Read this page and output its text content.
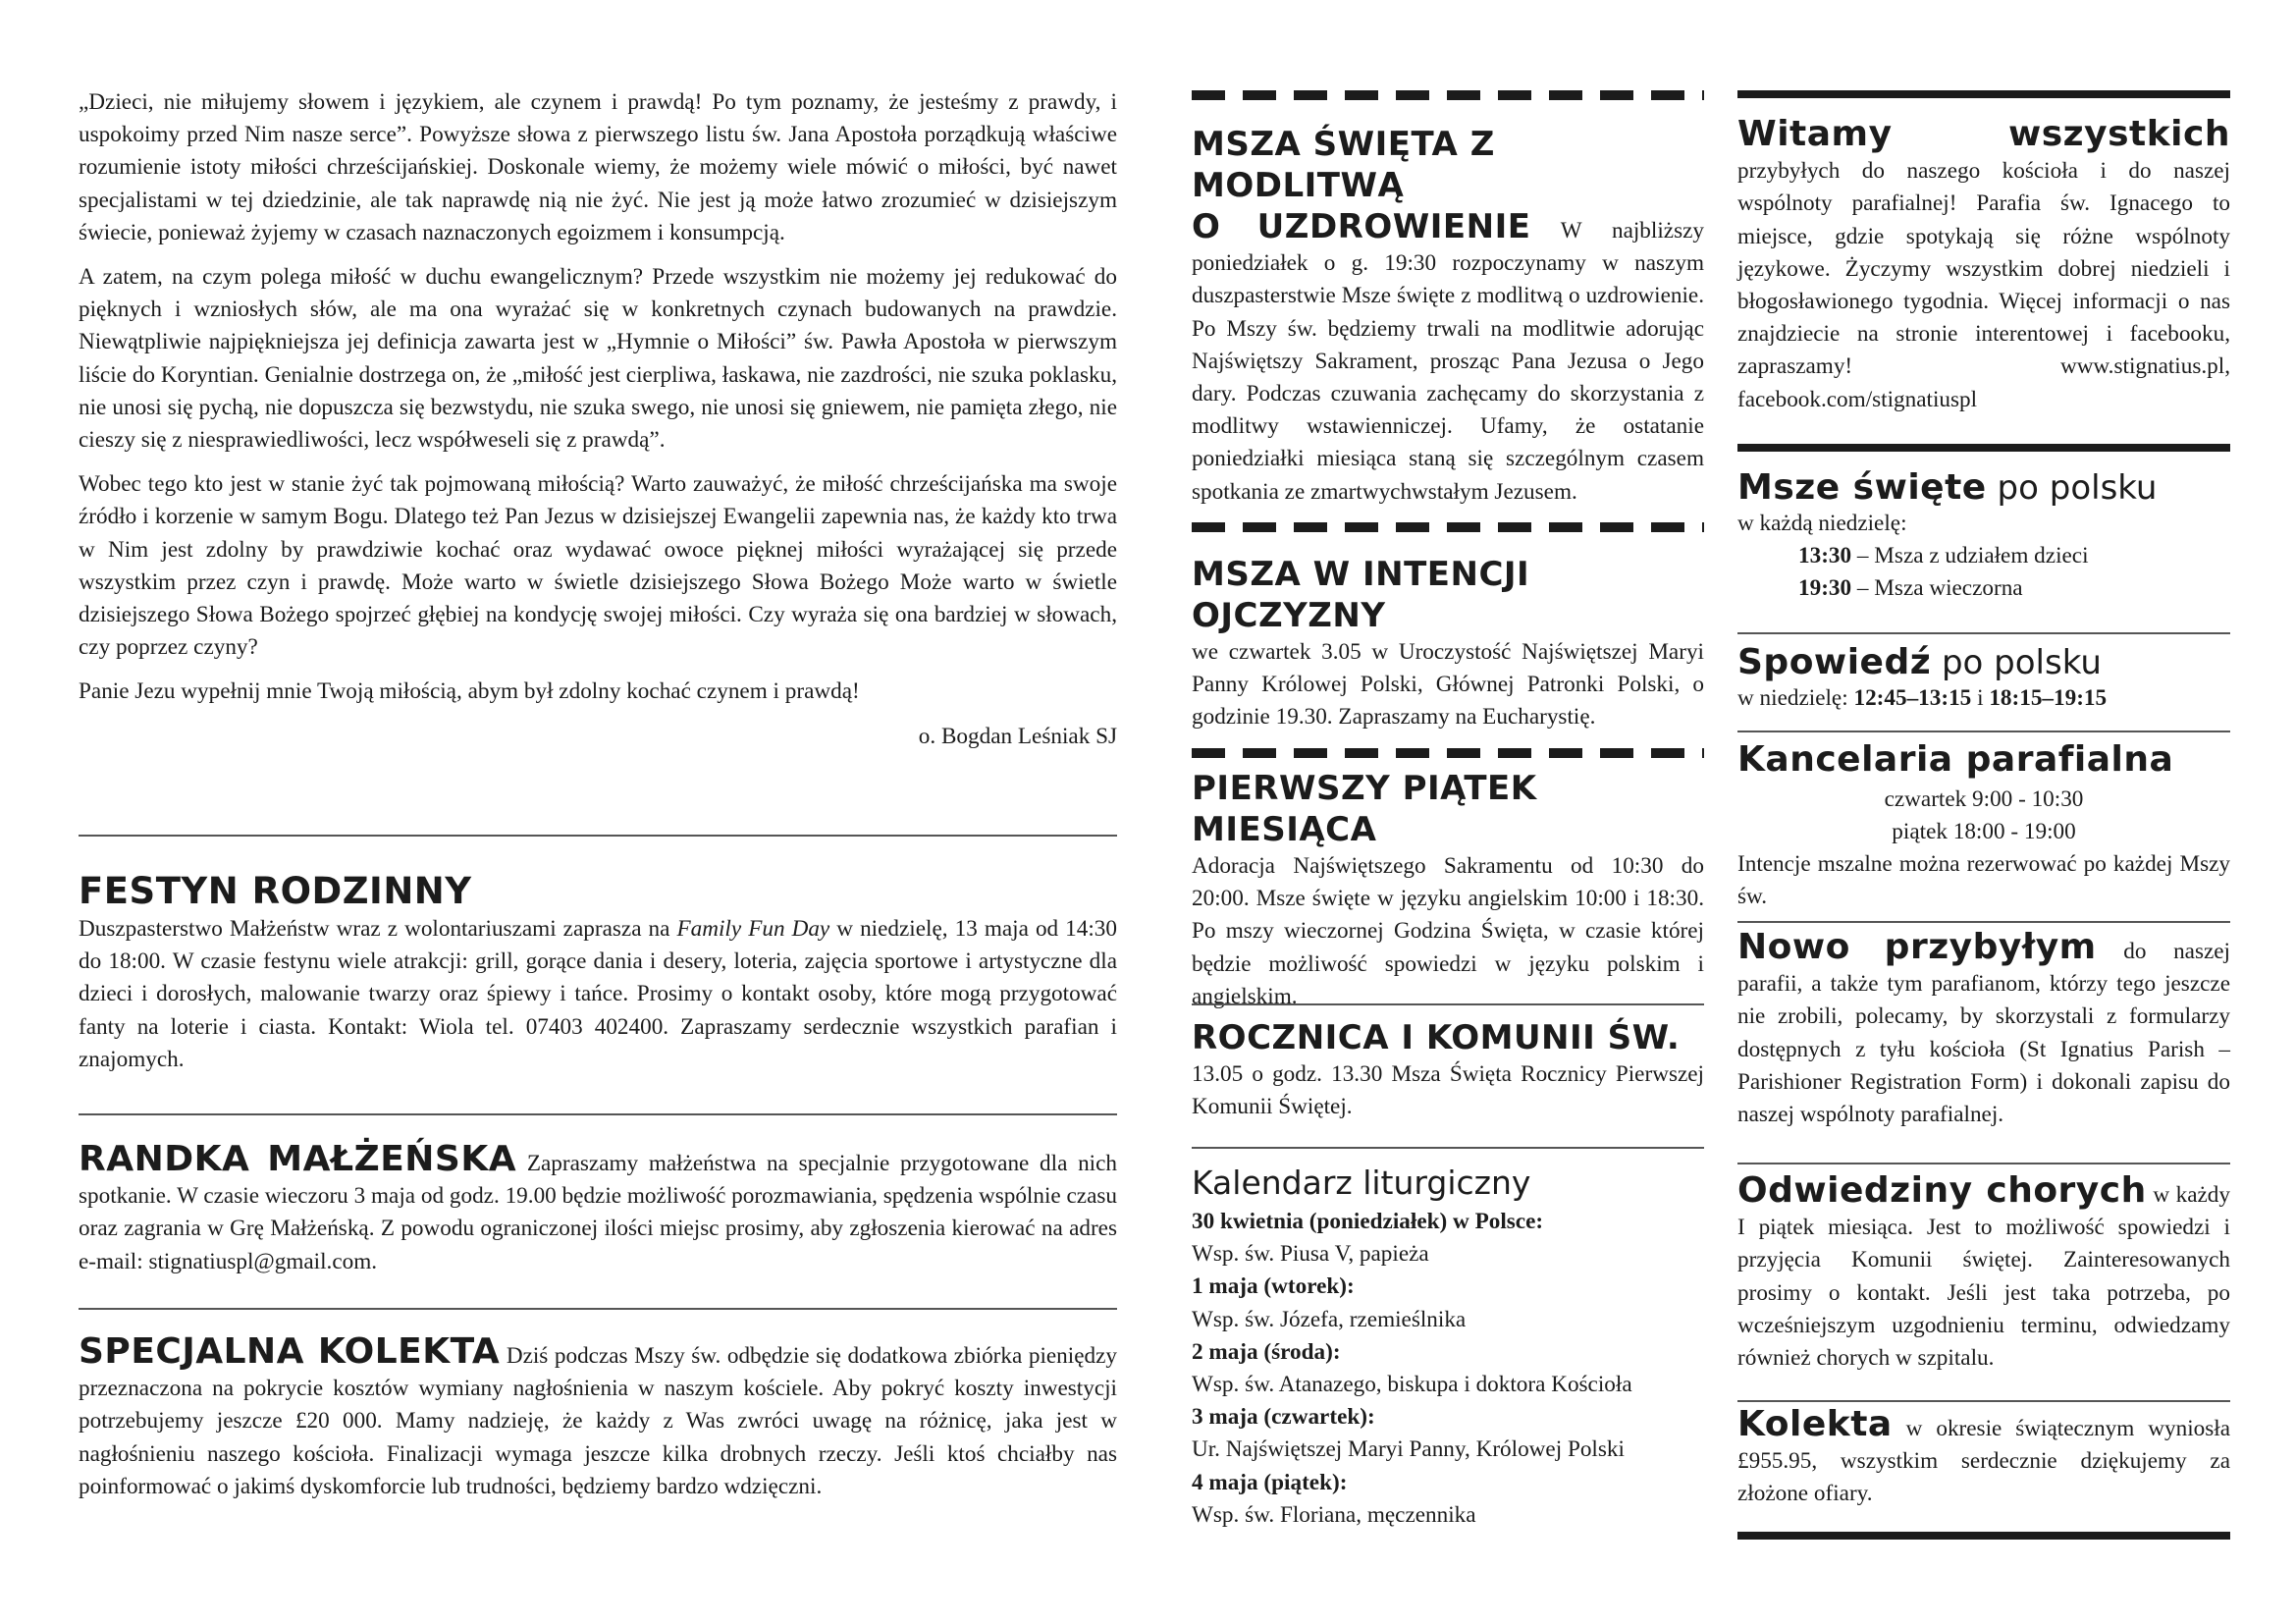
„Dzieci, nie miłujemy słowem i językiem, ale czynem i prawdą! Po tym poznamy, że jesteśmy z prawdy, i uspokoimy przed Nim nasze serce”. Powyższe słowa z pierwszego listu św. Jana Apostoła porządkują właściwe rozumienie istoty miłości chrześcijańskiej. Doskonale wiemy, że możemy wiele mówić o miłości, być nawet specjalistami w tej dziedzinie, ale tak naprawdę nią nie żyć. Nie jest ją może łatwo zrozumieć w dzisiejszym świecie, ponieważ żyjemy w czasach naznaczonych egoizmem i konsumpcją.

A zatem, na czym polega miłość w duchu ewangelicznym? Przede wszystkim nie możemy jej redukować do pięknych i wzniosłych słów, ale ma ona wyrażać się w konkretnych czynach budowanych na prawdzie. Niewątpliwie najpiękniejsza jej definicja zawarta jest w „Hymnie o Miłości” św. Pawła Apostoła w pierwszym liście do Koryntian. Genialnie dostrzega on, że „miłość jest cierpliwa, łaskawa, nie zazdrości, nie szuka poklasku, nie unosi się pychą, nie dopuszcza się bezwstydu, nie szuka swego, nie unosi się gniewem, nie pamięta złego, nie cieszy się z niesprawiedliwości, lecz współweseli się z prawdą”.

Wobec tego kto jest w stanie żyć tak pojmowaną miłością? Warto zauważyć, że miłość chrześcijańska ma swoje źródło i korzenie w samym Bogu. Dlatego też Pan Jezus w dzisiejszej Ewangelii zapewnia nas, że każdy kto trwa w Nim jest zdolny by prawdziwie kochać oraz wydawać owoce pięknej miłości wyrażającej się przede wszystkim przez czyn i prawdę. Może warto w świetle dzisiejszego Słowa Bożego Może warto w świetle dzisiejszego Słowa Bożego spojrzeć głębiej na kondycję swojej miłości. Czy wyraża się ona bardziej w słowach, czy poprzez czyny?

Panie Jezu wypełnij mnie Twoją miłością, abym był zdolny kochać czynem i prawdą!

o. Bogdan Leśniak SJ

FESTYN RODZINNY

Duszpasterstwo Małżeństw wraz z wolontariuszami zaprasza na Family Fun Day w niedzielę, 13 maja od 14:30 do 18:00. W czasie festynu wiele atrakcji: grill, gorące dania i desery, loteria, zajęcia sportowe i artystyczne dla dzieci i dorosłych, malowanie twarzy oraz śpiewy i tańce. Prosimy o kontakt osoby, które mogą przygotować fanty na loterie i ciasta. Kontakt: Wiola tel. 07403 402400. Zapraszamy serdecznie wszystkich parafian i znajomych.

RANDKA MAŁŻEŃSKA Zapraszamy małżeństwa na specjalnie przygotowane dla nich spotkanie. W czasie wieczoru 3 maja od godz. 19.00 będzie możliwość porozmawiania, spędzenia wspólnie czasu oraz zagrania w Grę Małżeńską. Z powodu ograniczonej ilości miejsc prosimy, aby zgłoszenia kierować na adres e-mail: stignatiuspl@gmail.com.

SPECJALNA KOLEKTA Dziś podczas Mszy św. odbędzie się dodatkowa zbiórka pieniędzy przeznaczona na pokrycie kosztów wymiany nagłośnienia w naszym kościele. Aby pokryć koszty inwestycji potrzebujemy jeszcze £20 000. Mamy nadzieję, że każdy z Was zwróci uwagę na różnicę, jaka jest w nagłośnieniu naszego kościoła. Finalizacji wymaga jeszcze kilka drobnych rzeczy. Jeśli ktoś chciałby nas poinformować o jakimś dyskomforcie lub trudności, będziemy bardzo wdzięczni.

MSZA ŚWIĘTA Z MODLITWĄ

O UZDROWIENIE W najbliższy poniedziałek o g. 19:30 rozpoczynamy w naszym duszpasterstwie Msze święte z modlitwą o uzdrowienie. Po Mszy św. będziemy trwali na modlitwie adorując Najświętszy Sakrament, prosząc Pana Jezusa o Jego dary. Podczas czuwania zachęcamy do skorzystania z modlitwy wstawienniczej. Ufamy, że ostatanie poniedziałki miesiąca staną się szczególnym czasem spotkania ze zmartwychwstałym Jezusem.

MSZA W INTENCJI OJCZYZNY

we czwartek 3.05 w Uroczystość Najświętszej Maryi Panny Królowej Polski, Głównej Patronki Polski, o godzinie 19.30. Zapraszamy na Eucharystię.

PIERWSZY PIĄTEK MIESIĄCA

Adoracja Najświętszego Sakramentu od 10:30 do 20:00. Msze święte w języku angielskim 10:00 i 18:30. Po mszy wieczornej Godzina Święta, w czasie której będzie możliwość spowiedzi w języku polskim i angielskim.

ROCZNICA I KOMUNII ŚW.

13.05 o godz. 13.30 Msza Święta Rocznicy Pierwszej Komunii Świętej.

Kalendarz liturgiczny
30 kwietnia (poniedziałek) w Polsce:
Wsp. św. Piusa V, papieża
1 maja (wtorek):
Wsp. św. Józefa, rzemieślnika
2 maja (środa):
Wsp. św. Atanazego, biskupa i doktora Kościoła
3 maja (czwartek):
Ur. Najświętszej Maryi Panny, Królowej Polski
4 maja (piątek):
Wsp. św. Floriana, męczennika

Witamy wszystkich przybyłych do naszego kościoła i do naszej wspólnoty parafialnej! Parafia św. Ignacego to miejsce, gdzie spotykają się różne wspólnoty językowe. Życzymy wszystkim dobrej niedzieli i błogosławionego tygodnia. Więcej informacji o nas znajdziecie na stronie interentowej i facebooku, zapraszamy! www.stignatius.pl, facebook.com/stignatiuspl

Msze święte po polsku
w każdą niedzielę:
13:30 – Msza z udziałem dzieci
19:30 – Msza wieczorna
Spowiedź po polsku
w niedzielę: 12:45–13:15 i 18:15–19:15
Kancelaria parafialna
czwartek 9:00 - 10:30
piątek 18:00 - 19:00

Intencje mszalne można rezerwować po każdej Mszy św.

Nowo przybyłym do naszej parafii, a także tym parafianom, którzy tego jeszcze nie zrobili, polecamy, by skorzystali z formularzy dostępnych z tyłu kościoła (St Ignatius Parish – Parishioner Registration Form) i dokonali zapisu do naszej wspólnoty parafialnej.

Odwiedziny chorych w każdy I piątek miesiąca. Jest to możliwość spowiedzi i przyjęcia Komunii świętej. Zainteresowanych prosimy o kontakt. Jeśli jest taka potrzeba, po wcześniejszym uzgodnieniu terminu, odwiedzamy również chorych w szpitalu.

Kolekta w okresie świątecznym wyniosła £955.95, wszystkim serdecznie dziękujemy za złożone ofiary.
